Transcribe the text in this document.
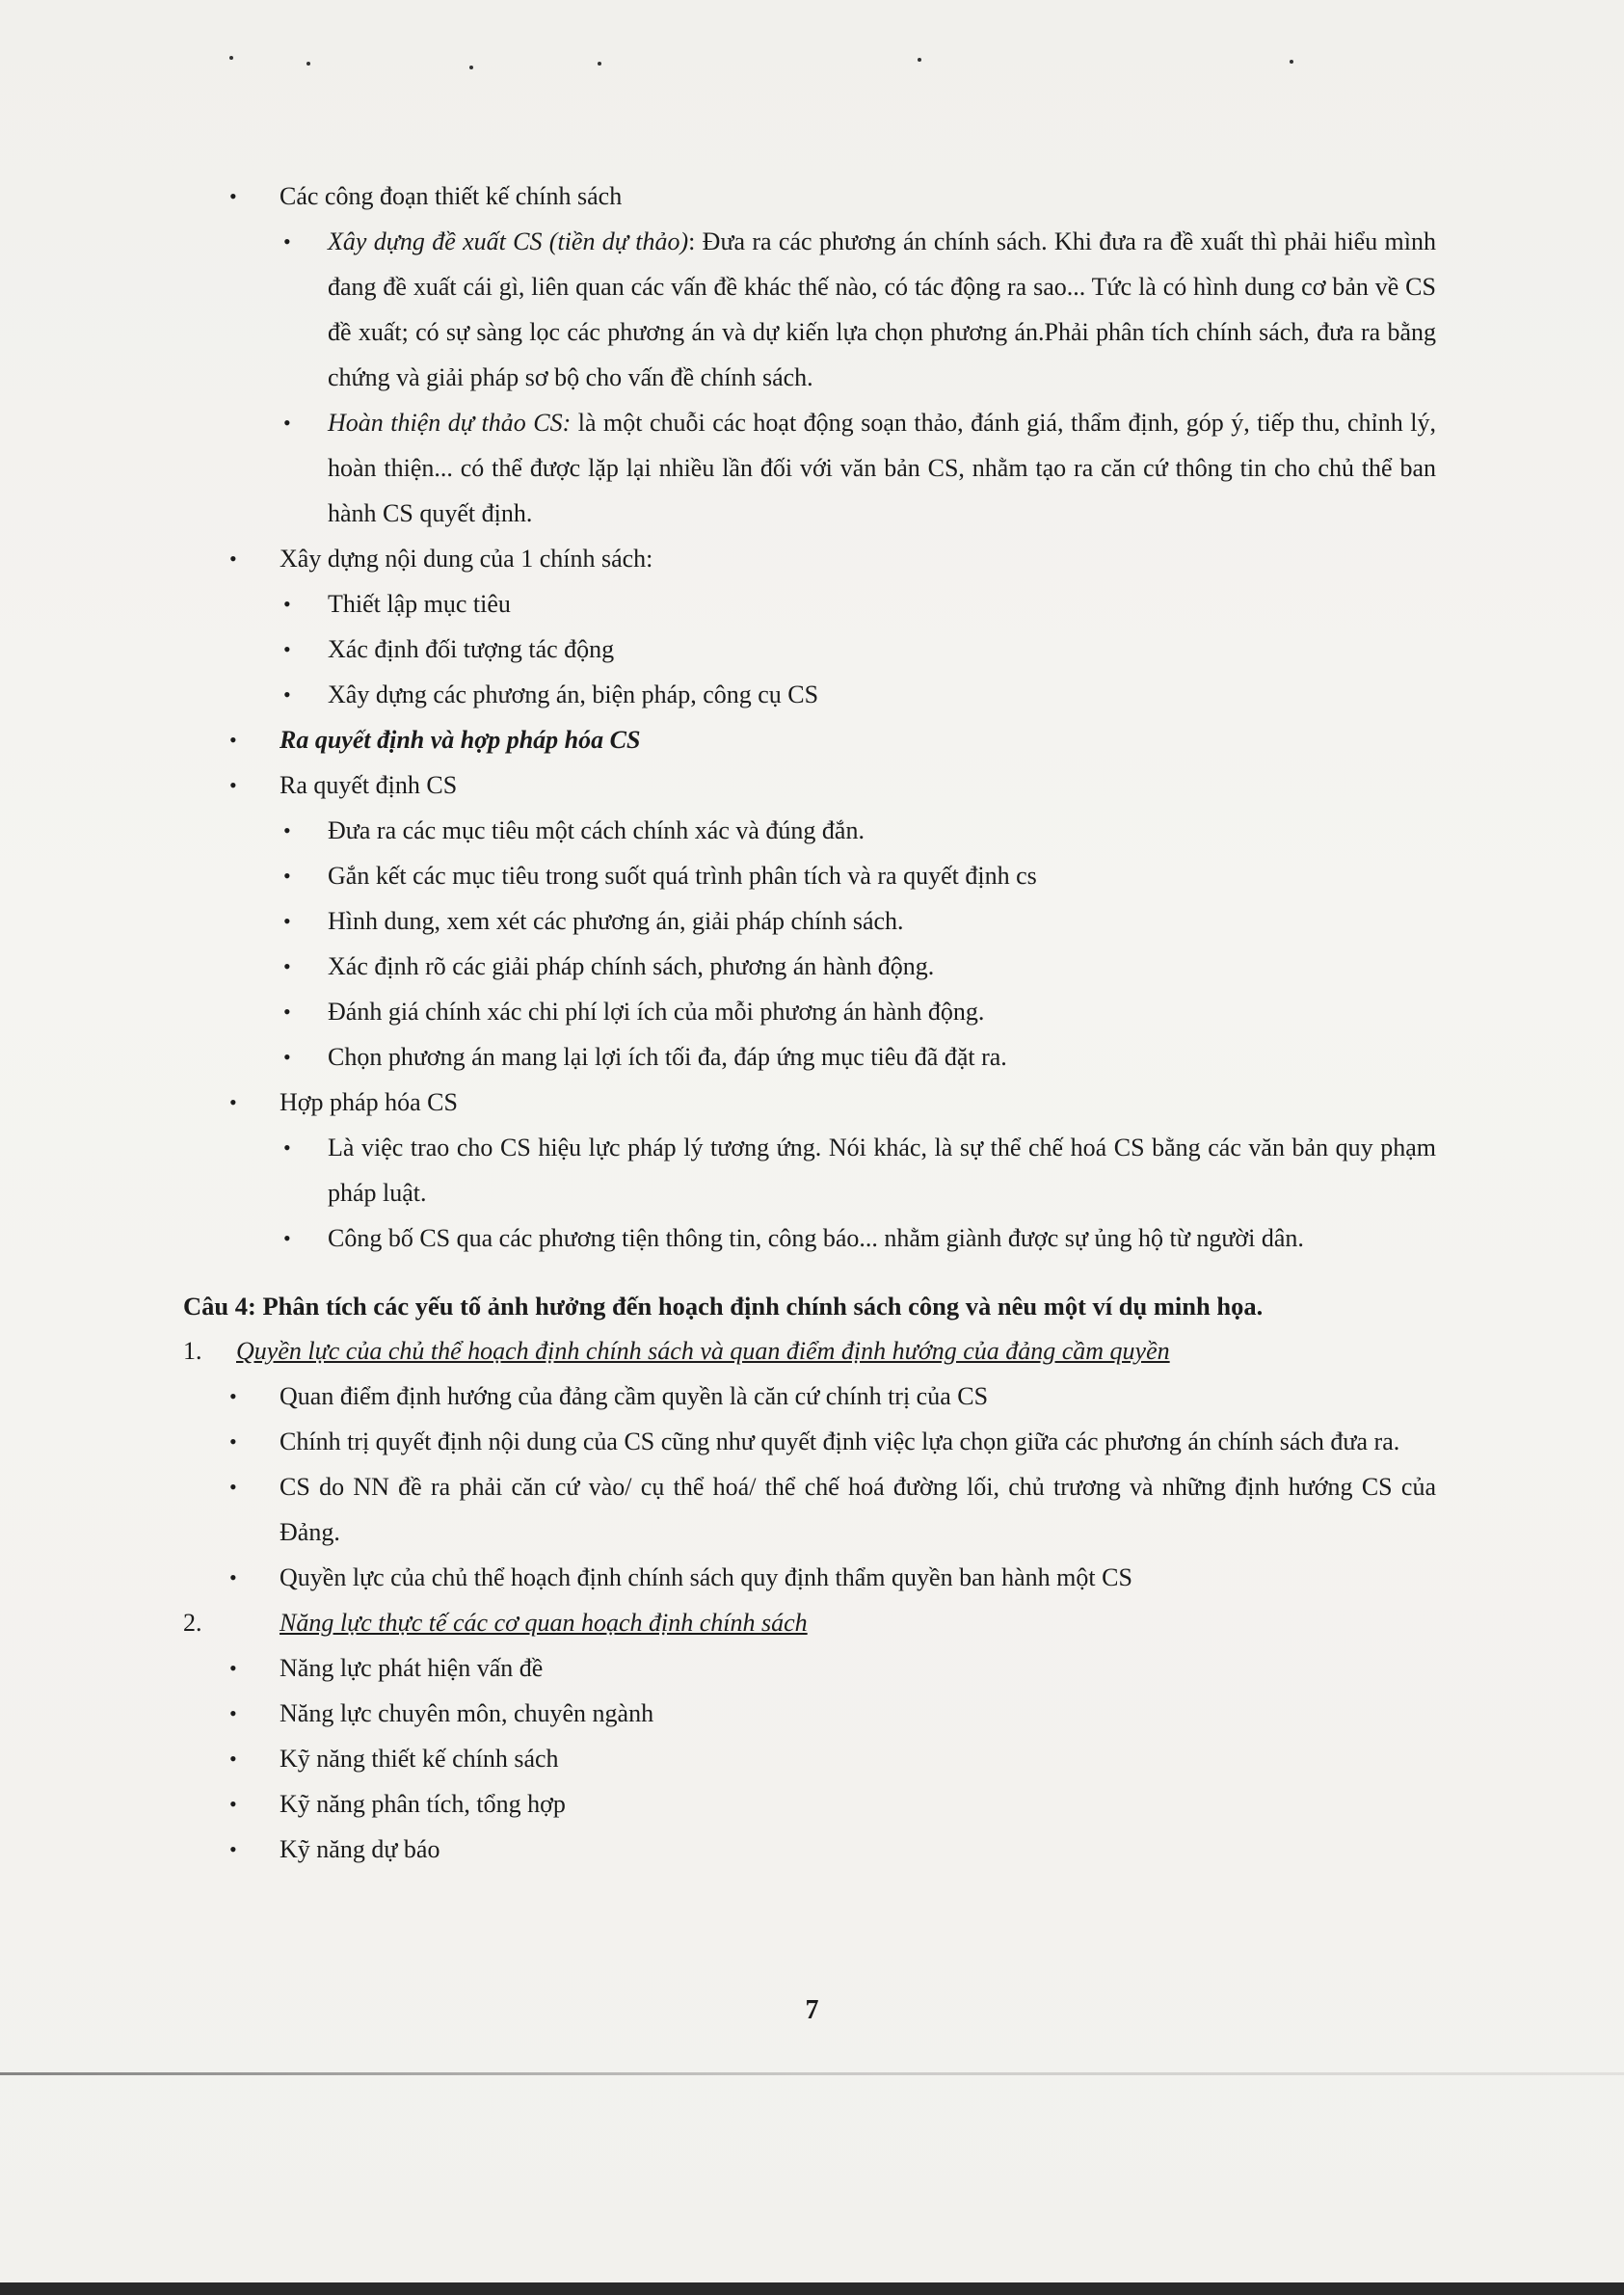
• Các công đoạn thiết kế chính sách
• Xây dựng đề xuất CS (tiền dự thảo): Đưa ra các phương án chính sách. Khi đưa ra đề xuất thì phải hiểu mình đang đề xuất cái gì, liên quan các vấn đề khác thế nào, có tác động ra sao... Tức là có hình dung cơ bản về CS đề xuất; có sự sàng lọc các phương án và dự kiến lựa chọn phương án.Phải phân tích chính sách, đưa ra bằng chứng và giải pháp sơ bộ cho vấn đề chính sách.
• Hoàn thiện dự thảo CS: là một chuỗi các hoạt động soạn thảo, đánh giá, thẩm định, góp ý, tiếp thu, chỉnh lý, hoàn thiện... có thể được lặp lại nhiều lần đối với văn bản CS, nhằm tạo ra căn cứ thông tin cho chủ thể ban hành CS quyết định.
• Xây dựng nội dung của 1 chính sách:
• Thiết lập mục tiêu
• Xác định đối tượng tác động
• Xây dựng các phương án, biện pháp, công cụ CS
• Ra quyết định và hợp pháp hóa CS
• Ra quyết định CS
• Đưa ra các mục tiêu một cách chính xác và đúng đắn.
• Gắn kết các mục tiêu trong suốt quá trình phân tích và ra quyết định cs
• Hình dung, xem xét các phương án, giải pháp chính sách.
• Xác định rõ các giải pháp chính sách, phương án hành động.
• Đánh giá chính xác chi phí lợi ích của mỗi phương án hành động.
• Chọn phương án mang lại lợi ích tối đa, đáp ứng mục tiêu đã đặt ra.
• Hợp pháp hóa CS
• Là việc trao cho CS hiệu lực pháp lý tương ứng. Nói khác, là sự thể chế hoá CS bằng các văn bản quy phạm pháp luật.
• Công bố CS qua các phương tiện thông tin, công báo... nhằm giành được sự ủng hộ từ người dân.
Câu 4: Phân tích các yếu tố ảnh hưởng đến hoạch định chính sách công và nêu một ví dụ minh họa.
1. Quyền lực của chủ thể hoạch định chính sách và quan điểm định hướng của đảng cầm quyền
• Quan điểm định hướng của đảng cầm quyền là căn cứ chính trị của CS
• Chính trị quyết định nội dung của CS cũng như quyết định việc lựa chọn giữa các phương án chính sách đưa ra.
• CS do NN đề ra phải căn cứ vào/ cụ thể hoá/ thể chế hoá đường lối, chủ trương và những định hướng CS của Đảng.
• Quyền lực của chủ thể hoạch định chính sách quy định thẩm quyền ban hành một CS
2.	Năng lực thực tế các cơ quan hoạch định chính sách
• Năng lực phát hiện vấn đề
• Năng lực chuyên môn, chuyên ngành
• Kỹ năng thiết kế chính sách
• Kỹ năng phân tích, tổng hợp
• Kỹ năng dự báo
7
